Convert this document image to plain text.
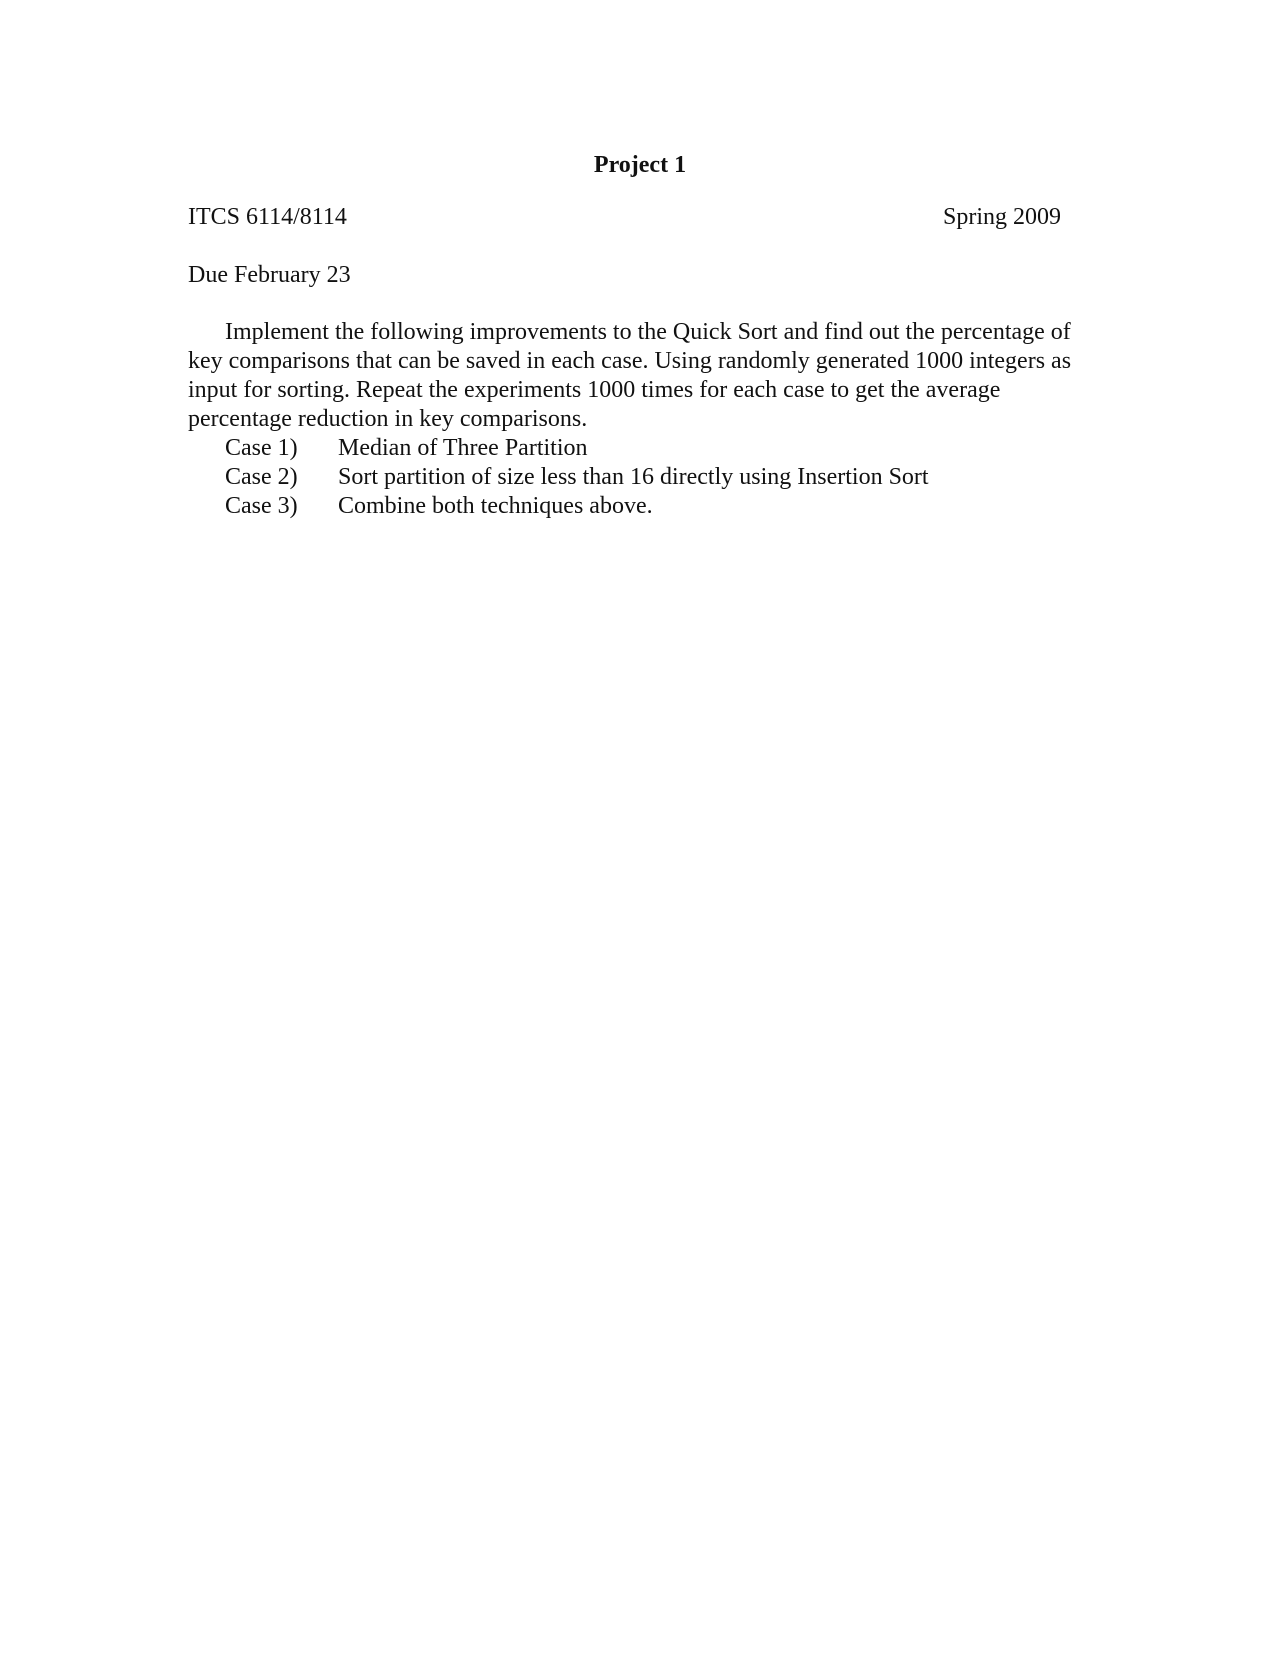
Project 1
ITCS 6114/8114	Spring 2009
Due February 23

Implement the following improvements to the Quick Sort and find out the percentage of key comparisons that can be saved in each case. Using randomly generated 1000 integers as input for sorting. Repeat the experiments 1000 times for each case to get the average percentage reduction in key comparisons.

Case 1)	Median of Three Partition
Case 2)	Sort partition of size less than 16 directly using Insertion Sort
Case 3)	Combine both techniques above.
